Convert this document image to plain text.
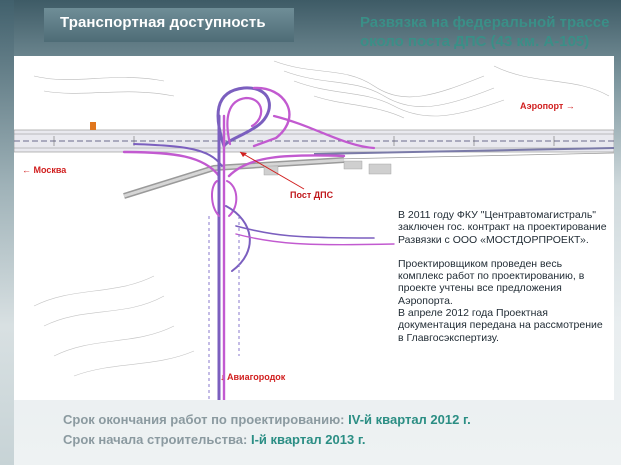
Транспортная доступность	Развязка на федеральной трассе около поста ДПС (43 км. А-105)
← Москва
Аэропорт →
Пост ДПС
↓ Авиагородок

В 2011 году ФКУ "Центравтомагистраль" заключен гос. контракт на проектирование Развязки с ООО «МОСТДОРПРОЕКТ».

Проектировщиком проведен весь комплекс работ по проектированию, в проекте учтены все предложения Аэропорта.

В апреле 2012 года Проектная документация передана на рассмотрение в Главгосэкспертизу.

Срок окончания работ по проектированию: IV-й квартал 2012 г.
Срок начала строительства: I-й квартал 2013 г.
